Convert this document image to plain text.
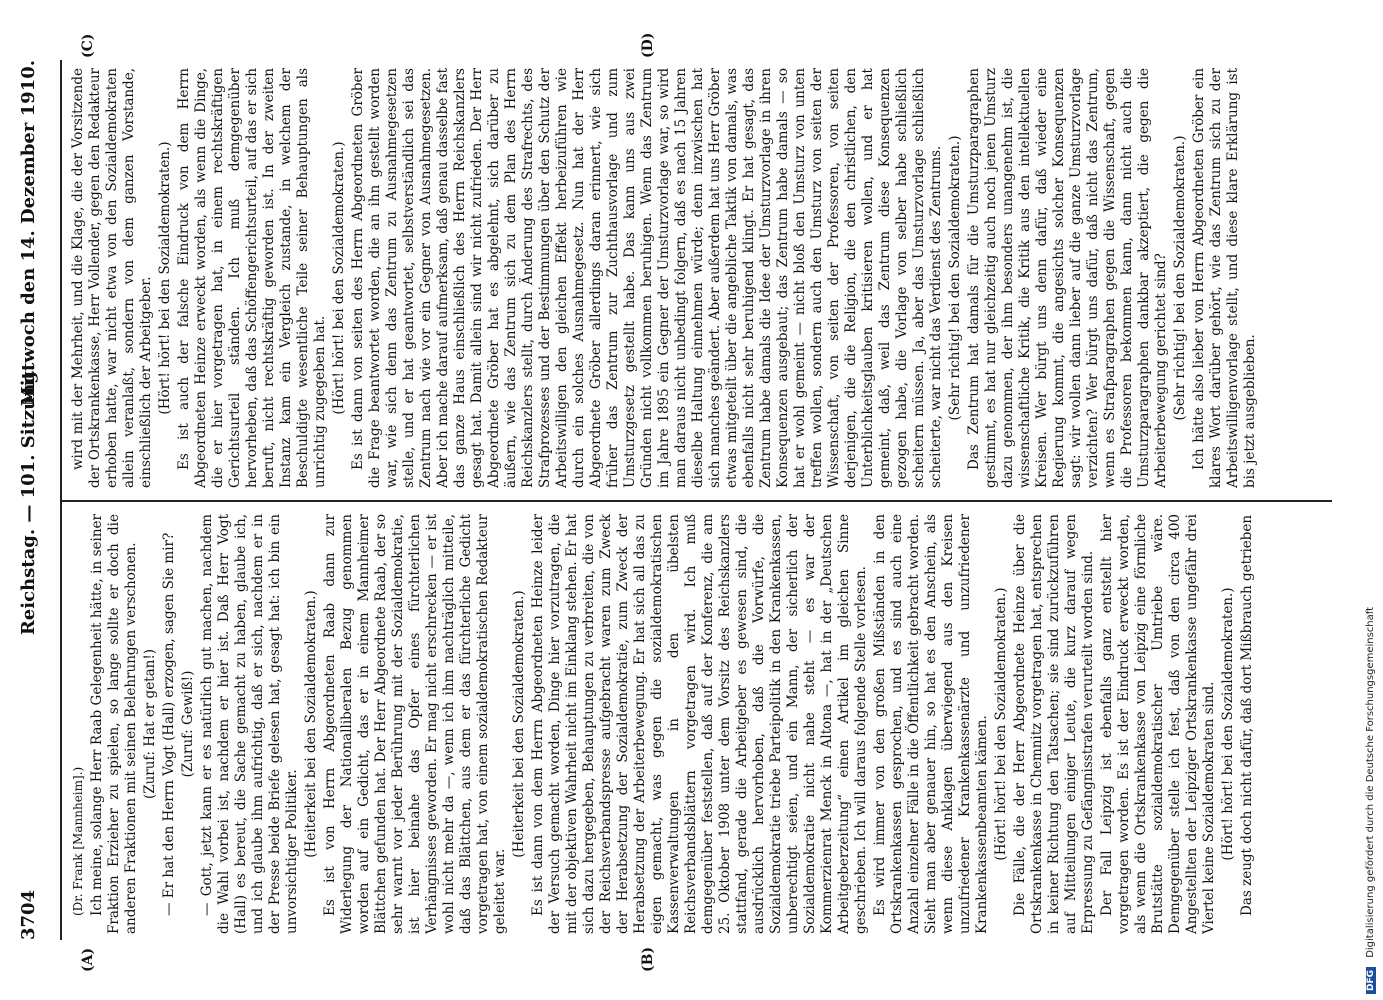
3704
Reichstag. — 101. Sitzung.
Mittwoch den 14. Dezember 1910.
(A)	(B)
(C)	(D)

(Dr. Frank [Mannheim].) Ich meine, solange Herr Raab Gelegenheit hätte, in seiner Fraktion Erzieher zu spielen, so lange sollte er doch die anderen Fraktionen mit seinen Belehrungen verschonen. (Zuruf: Hat er getan!) — Er hat den Herrn Vogt (Hall) erzogen, sagen Sie mir? (Zuruf: Gewiß!) — Gott, jetzt kann er es natürlich gut machen, nachdem die Wahl vorbei ist, nachdem er hier ist. Daß Herr Vogt (Hall) es bereut, die Sache gemacht zu haben, glaube ich, und ich glaube ihm aufrichtig, daß er sich, nachdem er in der Presse beide Briefe gelesen hat, gesagt hat: ich bin ein unvorsichtiger Politiker. (Heiterkeit bei den Sozialdemokraten.) Es ist von Herrn Abgeordneten Raab dann zur Widerlegung der Nationalliberalen Bezug genommen worden auf ein Gedicht, das er in einem Mannheimer Blättchen gefunden hat. Der Herr Abgeordnete Raab, der so sehr warnt vor jeder Berührung mit der Sozialdemokratie, ist hier beinahe das Opfer eines fürchterlichen Verhängnisses geworden. Er mag nicht erschrecken — er ist wohl nicht mehr da —, wenn ich ihm nachträglich mitteile, daß das Blättchen, aus dem er das fürchterliche Gedicht vorgetragen hat, von einem sozialdemokratischen Redakteur geleitet war.

(Heiterkeit bei den Sozialdemokraten.) Es ist dann von dem Herrn Abgeordneten Heinze leider der Versuch gemacht worden, Dinge hier vorzutragen, die mit der objektiven Wahrheit nicht im Einklang stehen. Er hat sich dazu hergegeben, Behauptungen zu verbreiten, die von der Reichsverbandspresse aufgebracht waren zum Zweck der Herabsetzung der Sozialdemokratie, zum Zweck der Herabsetzung der Arbeiterbewegung. Er hat sich all das zu eigen gemacht, was gegen die sozialdemokratischen Kassenverwaltungen in den übelsten Reichsverbandsblättern vorgetragen wird. Ich muß demgegenüber feststellen, daß auf der Konferenz, die am 25. Oktober 1908 unter dem Vorsitz des Reichskanzlers stattfand, gerade die Arbeitgeber es gewesen sind, die ausdrücklich hervorhoben, daß die Vorwürfe, die Sozialdemokratie triebe Parteipolitik in den Krankenkassen, unberechtigt seien, und ein Mann, der sicherlich der Sozialdemokratie nicht nahe steht — es war der Kommerzienrat Menck in Altona —, hat in der „Deutschen Arbeitgeberzeitung“ einen Artikel im gleichen Sinne geschrieben. Ich will daraus folgende Stelle vorlesen. Es wird immer von den großen Mißständen in den Ortskrankenkassen gesprochen, und es sind auch eine Anzahl einzelner Fälle in die Öffentlichkeit gebracht worden. Sieht man aber genauer hin, so hat es den Anschein, als wenn diese Anklagen überwiegend aus den Kreisen unzufriedener Krankenkassenärzte und unzufriedener Krankenkassenbeamten kämen. (Hört! hört! bei den Sozialdemokraten.) Die Fälle, die der Herr Abgeordnete Heinze über die Ortskrankenkasse in Chemnitz vorgetragen hat, entsprechen in keiner Richtung den Tatsachen; sie sind zurückzuführen auf Mitteilungen einiger Leute, die kurz darauf wegen Erpressung zu Gefängnisstrafen verurteilt worden sind. Der Fall Leipzig ist ebenfalls ganz entstellt hier vorgetragen worden. Es ist der Eindruck erweckt worden, als wenn die Ortskrankenkasse von Leipzig eine förmliche Brutstätte sozialdemokratischer Umtriebe wäre. Demgegenüber stelle ich fest, daß von den circa 400 Angestellten der Leipziger Ortskrankenkasse ungefähr drei Viertel keine Sozialdemokraten sind. (Hört! hört! bei den Sozialdemokraten.) Das zeugt doch nicht dafür, daß dort Mißbrauch getrieben

wird mit der Mehrheit, und die Klage, die der Vorsitzende der Ortskrankenkasse, Herr Vollender, gegen den Redakteur erhoben hatte, war nicht etwa von den Sozialdemokraten allein veranlaßt, sondern von dem ganzen Vorstande, einschließlich der Arbeitgeber. (Hört! hört! bei den Sozialdemokraten.) Es ist auch der falsche Eindruck von dem Herrn Abgeordneten Heinze erweckt worden, als wenn die Dinge, die er hier vorgetragen hat, in einem rechtskräftigen Gerichtsurteil ständen. Ich muß demgegenüber hervorheben, daß das Schöffengerichtsurteil, auf das er sich beruft, nicht rechtskräftig geworden ist. In der zweiten Instanz kam ein Vergleich zustande, in welchem der Beschuldigte wesentliche Teile seiner Behauptungen als unrichtig zugegeben hat. (Hört! hört! bei den Sozialdemokraten.) Es ist dann von seiten des Herrn Abgeordneten Gröber die Frage beantwortet worden, die an ihn gestellt worden war, wie sich denn das Zentrum zu Ausnahmegesetzen stelle, und er hat geantwortet, selbstverständlich sei das Zentrum nach wie vor ein Gegner von Ausnahmegesetzen. Aber ich mache darauf aufmerksam, daß genau dasselbe fast das ganze Haus einschließlich des Herrn Reichskanzlers gesagt hat. Damit allein sind wir nicht zufrieden. Der Herr Abgeordnete Gröber hat es abgelehnt, sich darüber zu äußern, wie das Zentrum sich zu dem Plan des Herrn Reichskanzlers stellt, durch Änderung des Strafrechts, des Strafprozesses und der Bestimmungen über den Schutz der Arbeitswilligen den gleichen Effekt herbeizuführen wie durch ein solches Ausnahmegesetz. Nun hat der Herr Abgeordnete Gröber allerdings daran erinnert, wie sich früher das Zentrum zur Zuchthausvorlage und zum Umsturzgesetz gestellt habe. Das kann uns aus zwei Gründen nicht vollkommen beruhigen. Wenn das Zentrum im Jahre 1895 ein Gegner der Umsturzvorlage war, so wird man daraus nicht unbedingt folgern, daß es nach 15 Jahren dieselbe Haltung einnehmen würde; denn inzwischen hat sich manches geändert. Aber außerdem hat uns Herr Gröber etwas mitgeteilt über die angebliche Taktik von damals, was ebenfalls nicht sehr beruhigend klingt. Er hat gesagt, das Zentrum habe damals die Idee der Umsturzvorlage in ihren Konsequenzen ausgebaut; das Zentrum habe damals — so hat er wohl gemeint — nicht bloß den Umsturz von unten treffen wollen, sondern auch den Umsturz von seiten der Wissenschaft, von seiten der Professoren, von seiten derjenigen, die die Religion, die den christlichen, den Unterblichkeitsglauben kritisieren wollen, und er hat gemeint, daß, weil das Zentrum diese Konsequenzen gezogen habe, die Vorlage von selber habe schließlich scheitern müssen. Ja, aber das Umsturzvorlage schließlich scheiterte, war nicht das Verdienst des Zentrums. (Sehr richtig! bei den Sozialdemokraten.) Das Zentrum hat damals für die Umsturzparagraphen gestimmt, es hat nur gleichzeitig auch noch jenen Umsturz dazu genommen, der ihm besonders unangenehm ist, die wissenschaftliche Kritik, die Kritik aus den intellektuellen Kreisen. Wer bürgt uns denn dafür, daß wieder eine Regierung kommt, die angesichts solcher Konsequenzen sagt: wir wollen dann lieber auf die ganze Umsturzvorlage verzichten? Wer bürgt uns dafür, daß nicht das Zentrum, wenn es Strafparagraphen gegen die Wissenschaft, gegen die Professoren bekommen kann, dann nicht auch die Umsturzparagraphen dankbar akzeptiert, die gegen die Arbeiterbewegung gerichtet sind? (Sehr richtig! bei den Sozialdemokraten.) Ich hätte also lieber von Herrn Abgeordneten Gröber ein klares Wort darüber gehört, wie das Zentrum sich zu der Arbeitswilligenvorlage stellt, und diese klare Erklärung ist bis jetzt ausgeblieben.

DFG Digitalisierung gefördert durch die Deutsche Forschungsgemeinschaft
